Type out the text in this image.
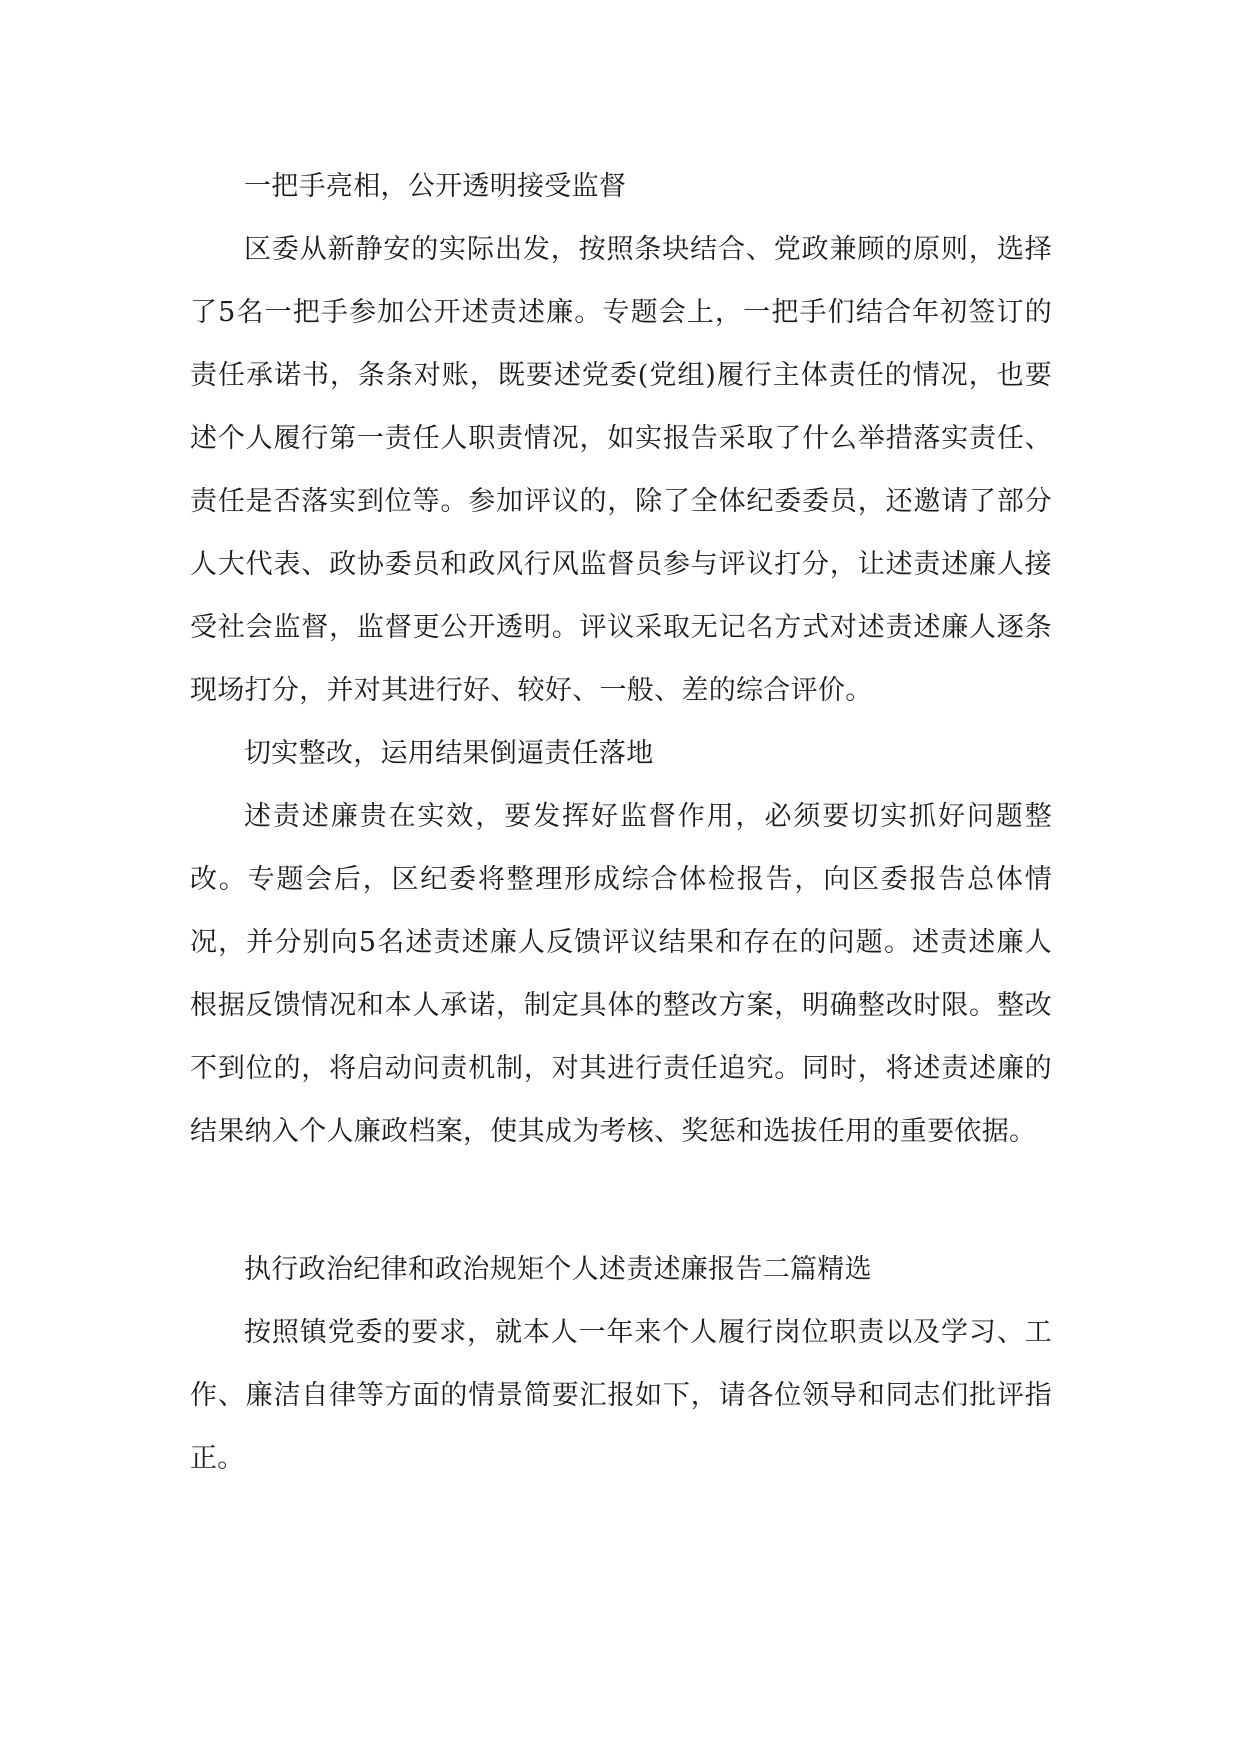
一把手亮相，公开透明接受监督

区委从新静安的实际出发，按照条块结合、党政兼顾的原则，选择了5名一把手参加公开述责述廉。专题会上，一把手们结合年初签订的责任承诺书，条条对账，既要述党委(党组)履行主体责任的情况，也要述个人履行第一责任人职责情况，如实报告采取了什么举措落实责任、责任是否落实到位等。参加评议的，除了全体纪委委员，还邀请了部分人大代表、政协委员和政风行风监督员参与评议打分，让述责述廉人接受社会监督，监督更公开透明。评议采取无记名方式对述责述廉人逐条现场打分，并对其进行好、较好、一般、差的综合评价。

切实整改，运用结果倒逼责任落地

述责述廉贵在实效，要发挥好监督作用，必须要切实抓好问题整改。专题会后，区纪委将整理形成综合体检报告，向区委报告总体情况，并分别向5名述责述廉人反馈评议结果和存在的问题。述责述廉人根据反馈情况和本人承诺，制定具体的整改方案，明确整改时限。整改不到位的，将启动问责机制，对其进行责任追究。同时，将述责述廉的结果纳入个人廉政档案，使其成为考核、奖惩和选拔任用的重要依据。

执行政治纪律和政治规矩个人述责述廉报告二篇精选

按照镇党委的要求，就本人一年来个人履行岗位职责以及学习、工作、廉洁自律等方面的情景简要汇报如下，请各位领导和同志们批评指正。
